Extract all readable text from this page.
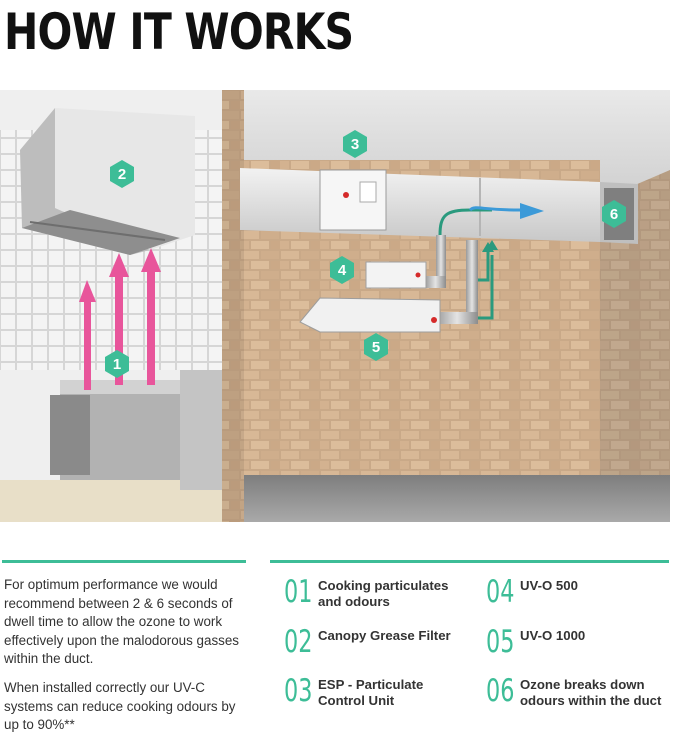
HOW IT WORKS
1
2
3
4
5
6
For optimum performance we would recommend between 2 & 6 seconds of dwell time to allow the ozone to work effectively upon the malodorous gasses within the duct.
When installed correctly our UV-C systems can reduce cooking odours by up to 90%**
01 Cooking particulates
and odours
02 Canopy Grease Filter
03 ESP - Particulate
Control Unit
04 UV-O 500
05 UV-O 1000
06 Ozone breaks down
odours within the duct
